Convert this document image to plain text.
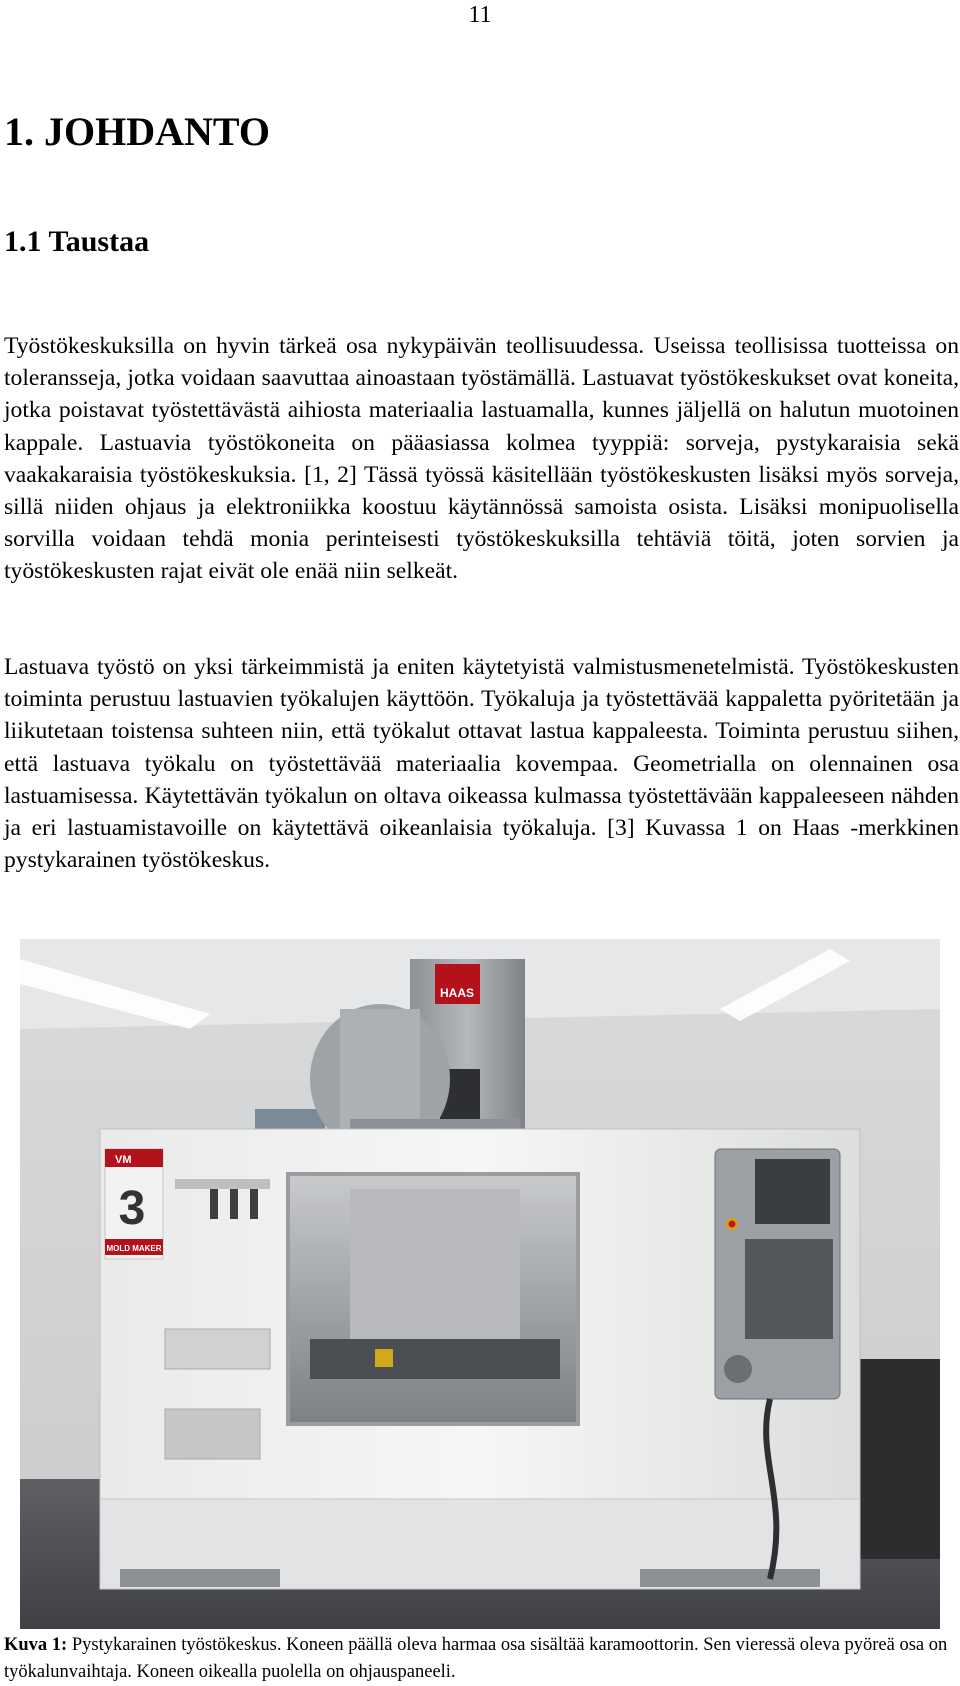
11
1. JOHDANTO
1.1 Taustaa

Työstökeskuksilla on hyvin tärkeä osa nykypäivän teollisuudessa. Useissa teollisissa tuotteissa on toleransseja, jotka voidaan saavuttaa ainoastaan työstämällä. Lastuavat työstökeskukset ovat koneita, jotka poistavat työstettävästä aihiosta materiaalia lastuamalla, kunnes jäljellä on halutun muotoinen kappale. Lastuavia työstökoneita on pääasiassa kolmea tyyppiä: sorveja, pystykaraisia sekä vaakakaraisia työstökeskuksia. [1, 2] Tässä työssä käsitellään työstökeskusten lisäksi myös sorveja, sillä niiden ohjaus ja elektroniikka koostuu käytännössä samoista osista. Lisäksi monipuolisella sorvilla voidaan tehdä monia perinteisesti työstökeskuksilla tehtäviä töitä, joten sorvien ja työstökeskusten rajat eivät ole enää niin selkeät.

Lastuava työstö on yksi tärkeimmistä ja eniten käytetyistä valmistusmenetelmistä. Työstökeskusten toiminta perustuu lastuavien työkalujen käyttöön. Työkaluja ja työstettävää kappaletta pyöritetään ja liikutetaan toistensa suhteen niin, että työkalut ottavat lastua kappaleesta. Toiminta perustuu siihen, että lastuava työkalu on työstettävää materiaalia kovempaa. Geometrialla on olennainen osa lastuamisessa. Käytettävän työkalun on oltava oikeassa kulmassa työstettävään kappaleeseen nähden ja eri lastuamistavoille on käytettävä oikeanlaisia työkaluja. [3] Kuvassa 1 on Haas -merkkinen pystykarainen työstökeskus.

HAAS
VM
3
MOLD MAKER
Kuva 1: Pystykarainen työstökeskus. Koneen päällä oleva harmaa osa sisältää karamoottorin. Sen vieressä oleva pyöreä osa on työkalunvaihtaja. Koneen oikealla puolella on ohjauspaneeli.
